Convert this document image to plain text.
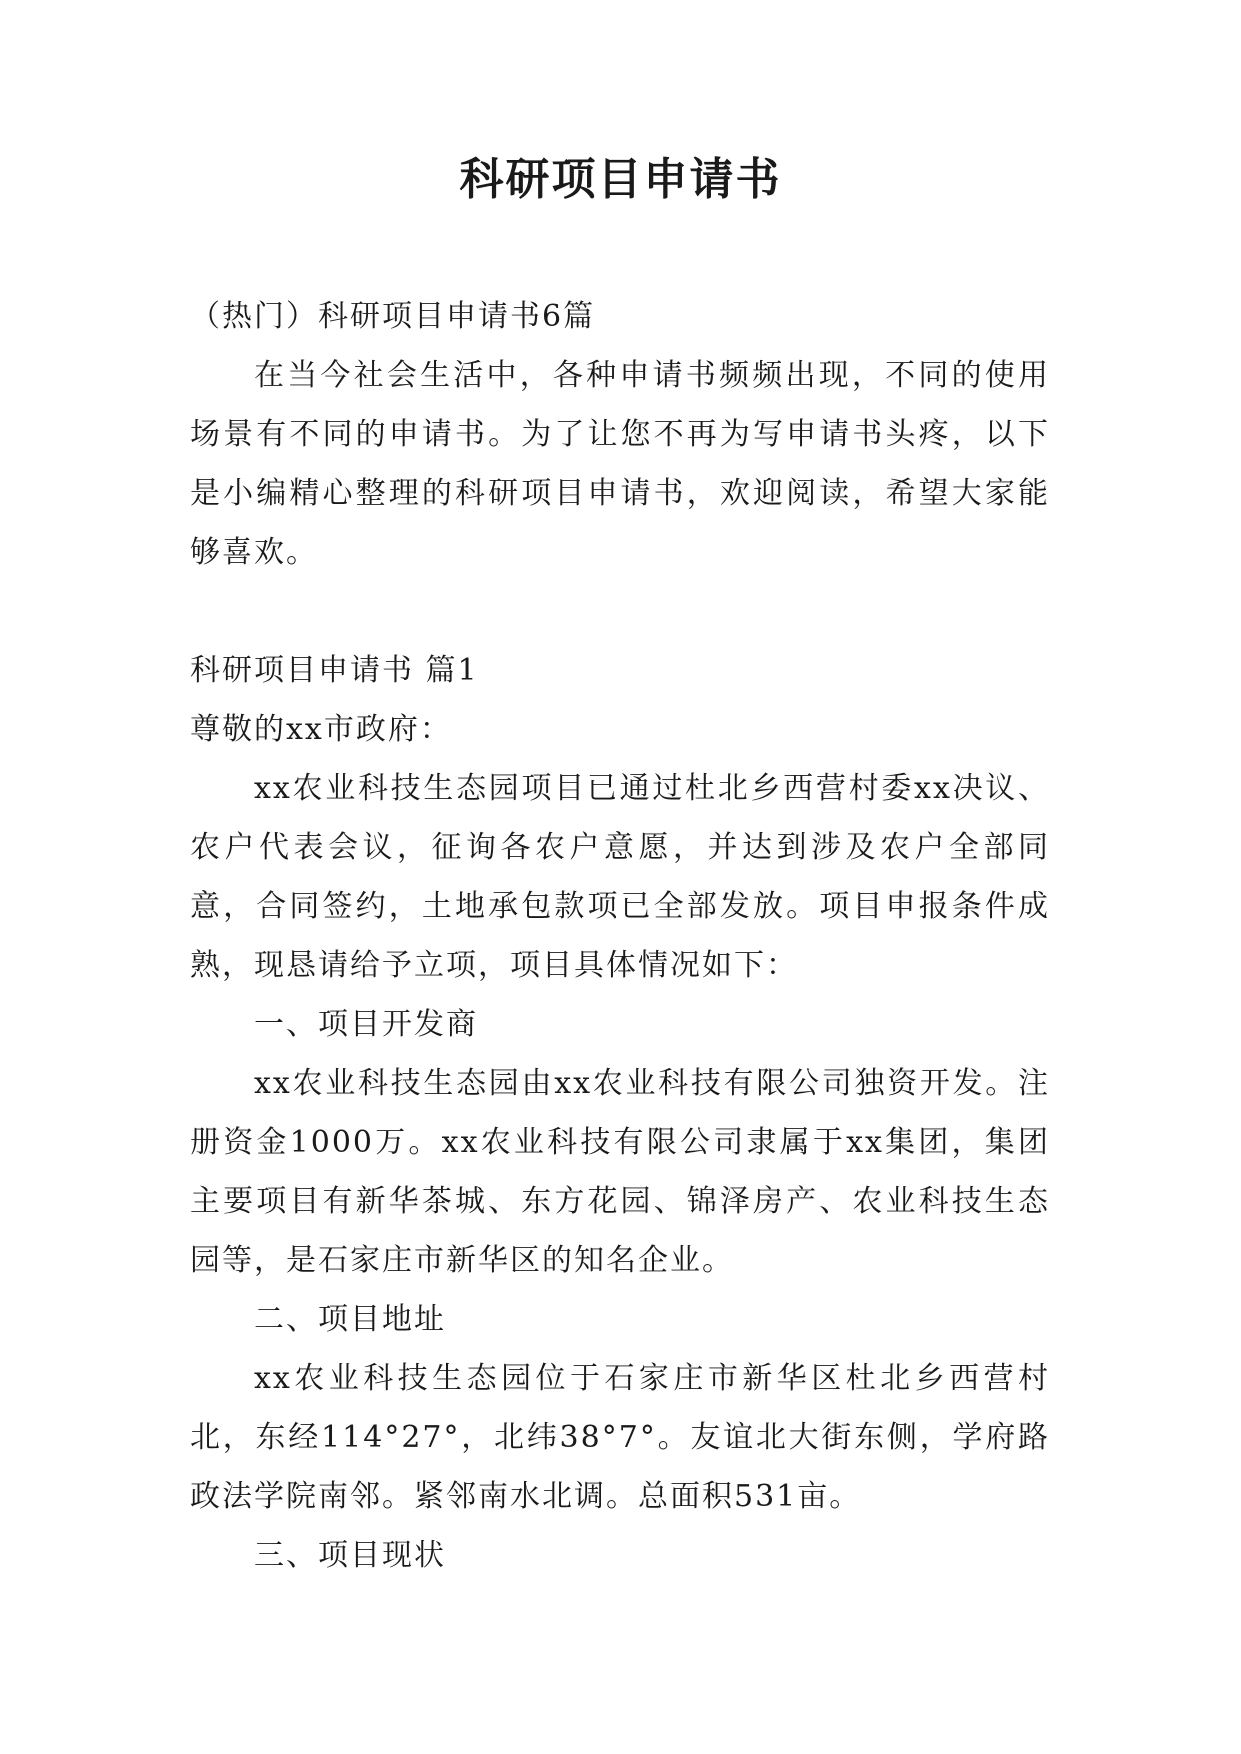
科研项目申请书

（热门）科研项目申请书6篇

在当今社会生活中，各种申请书频频出现，不同的使用场景有不同的申请书。为了让您不再为写申请书头疼，以下是小编精心整理的科研项目申请书，欢迎阅读，希望大家能够喜欢。

科研项目申请书 篇1

尊敬的xx市政府：

xx农业科技生态园项目已通过杜北乡西营村委xx决议、农户代表会议，征询各农户意愿，并达到涉及农户全部同意，合同签约，土地承包款项已全部发放。项目申报条件成熟，现恳请给予立项，项目具体情况如下：

一、项目开发商

xx农业科技生态园由xx农业科技有限公司独资开发。注册资金1000万。xx农业科技有限公司隶属于xx集团，集团主要项目有新华茶城、东方花园、锦泽房产、农业科技生态园等，是石家庄市新华区的知名企业。

二、项目地址

xx农业科技生态园位于石家庄市新华区杜北乡西营村北，东经114°27°，北纬38°7°。友谊北大街东侧，学府路政法学院南邻。紧邻南水北调。总面积531亩。

三、项目现状
